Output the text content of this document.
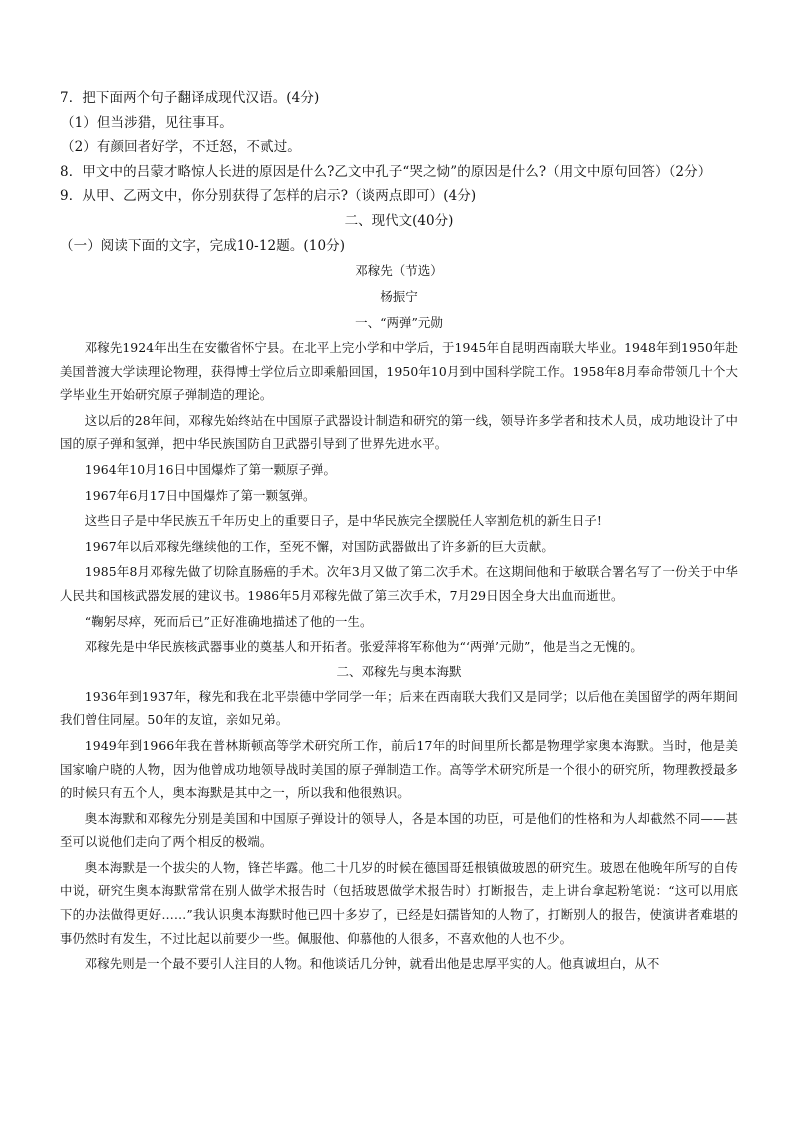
7．把下面两个句子翻译成现代汉语。(4分)
（1）但当涉猎，见往事耳。
（2）有颜回者好学，不迁怒，不贰过。
8．甲文中的吕蒙才略惊人长进的原因是什么?乙文中孔子“哭之恸”的原因是什么?（用文中原句回答）（2分）
9．从甲、乙两文中，你分别获得了怎样的启示?（谈两点即可）(4分)
二、现代文(40分)
（一）阅读下面的文字，完成10-12题。(10分)
邓稼先（节选）
杨振宁
一、“两弹”元勋

邓稼先1924年出生在安徽省怀宁县。在北平上完小学和中学后，于1945年自昆明西南联大毕业。1948年到1950年赴美国普渡大学读理论物理，获得博士学位后立即乘船回国，1950年10月到中国科学院工作。1958年8月奉命带领几十个大学毕业生开始研究原子弹制造的理论。

这以后的28年间，邓稼先始终站在中国原子武器设计制造和研究的第一线，领导许多学者和技术人员，成功地设计了中国的原子弹和氢弹，把中华民族国防自卫武器引导到了世界先进水平。

1964年10月16日中国爆炸了第一颗原子弹。

1967年6月17日中国爆炸了第一颗氢弹。

这些日子是中华民族五千年历史上的重要日子，是中华民族完全摆脱任人宰割危机的新生日子!

1967年以后邓稼先继续他的工作，至死不懈，对国防武器做出了许多新的巨大贡献。

1985年8月邓稼先做了切除直肠癌的手术。次年3月又做了第二次手术。在这期间他和于敏联合署名写了一份关于中华人民共和国核武器发展的建议书。1986年5月邓稼先做了第三次手术，7月29日因全身大出血而逝世。

“鞠躬尽瘁，死而后已”正好准确地描述了他的一生。

邓稼先是中华民族核武器事业的奠基人和开拓者。张爱萍将军称他为“‘两弹’元勋”，他是当之无愧的。

二、邓稼先与奥本海默

1936年到1937年，稼先和我在北平崇德中学同学一年；后来在西南联大我们又是同学；以后他在美国留学的两年期间我们曾住同屋。50年的友谊，亲如兄弟。

1949年到1966年我在普林斯顿高等学术研究所工作，前后17年的时间里所长都是物理学家奥本海默。当时，他是美国家喻户晓的人物，因为他曾成功地领导战时美国的原子弹制造工作。高等学术研究所是一个很小的研究所，物理教授最多的时候只有五个人，奥本海默是其中之一，所以我和他很熟识。

奥本海默和邓稼先分别是美国和中国原子弹设计的领导人，各是本国的功臣，可是他们的性格和为人却截然不同——甚至可以说他们走向了两个相反的极端。

奥本海默是一个拔尖的人物，锋芒毕露。他二十几岁的时候在德国哥廷根镇做玻恩的研究生。玻恩在他晚年所写的自传中说，研究生奥本海默常常在别人做学术报告时（包括玻恩做学术报告时）打断报告，走上讲台拿起粉笔说：“这可以用底下的办法做得更好……”我认识奥本海默时他已四十多岁了，已经是妇孺皆知的人物了，打断别人的报告，使演讲者难堪的事仍然时有发生，不过比起以前要少一些。佩服他、仰慕他的人很多，不喜欢他的人也不少。

邓稼先则是一个最不要引人注目的人物。和他谈话几分钟，就看出他是忠厚平实的人。他真诚坦白，从不
